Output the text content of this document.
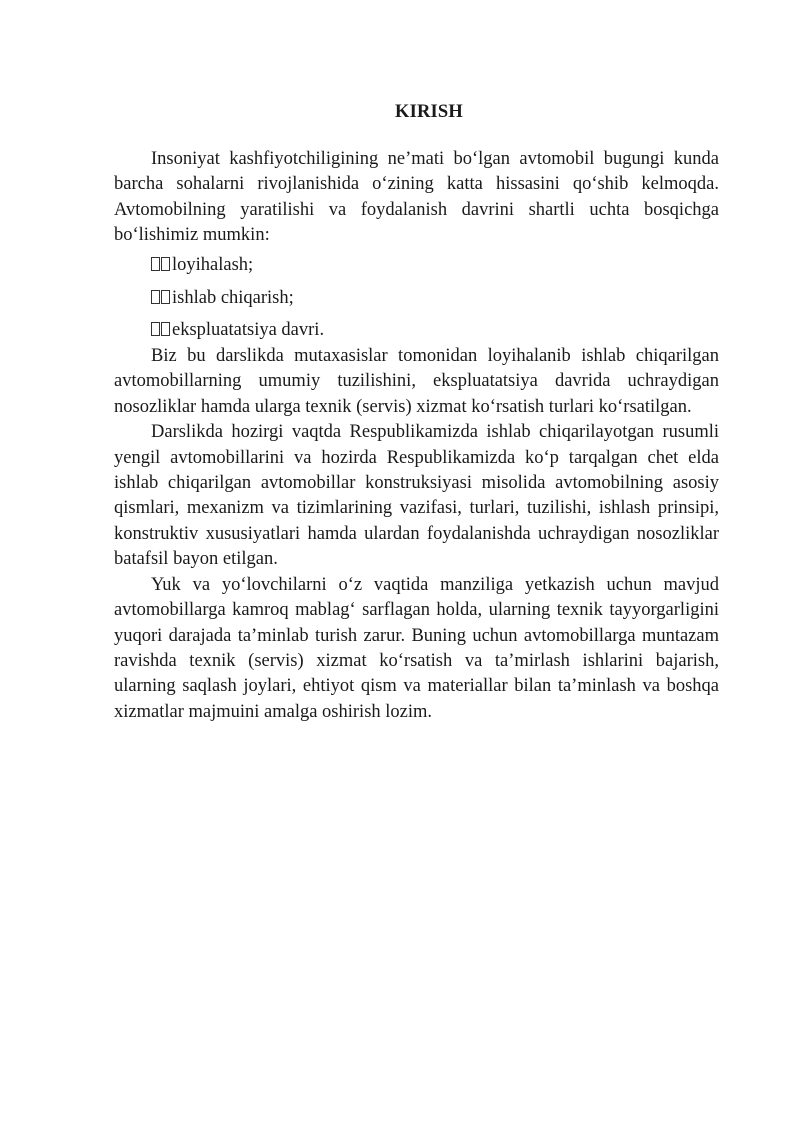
KIRISH

Insoniyat kashfiyotchiligining ne’mati bo‘lgan avtomobil bugungi kunda barcha sohalarni rivojlanishida o‘zining katta hissasini qo‘shib kelmoqda. Avtomobilning yaratilishi va foydalanish davrini shartli uchta bosqichga bo‘lishimiz mumkin:

loyihalash;
ishlab chiqarish;
ekspluatatsiya davri.

Biz bu darslikda mutaxasislar tomonidan loyihalanib ishlab chiqarilgan avtomobillarning umumiy tuzilishini, ekspluatatsiya davrida uchraydigan nosozliklar hamda ularga texnik (servis) xizmat ko‘rsatish turlari ko‘rsatilgan.

Darslikda hozirgi vaqtda Respublikamizda ishlab chiqarilayotgan rusumli yengil avtomobillarini va hozirda Respublikamizda ko‘p tarqalgan chet elda ishlab chiqarilgan avtomobillar konstruksiyasi misolida avtomobilning asosiy qismlari, mexanizm va tizimlarining vazifasi, turlari, tuzilishi, ishlash prinsipi, konstruktiv xususiyatlari hamda ulardan foydalanishda uchraydigan nosozliklar batafsil bayon etilgan.

Yuk va yo‘lovchilarni o‘z vaqtida manziliga yetkazish uchun mavjud avtomobillarga kamroq mablag‘ sarflagan holda, ularning texnik tayyorgarligini yuqori darajada ta’minlab turish zarur. Buning uchun avtomobillarga muntazam ravishda texnik (servis) xizmat ko‘rsatish va ta’mirlash ishlarini bajarish, ularning saqlash joylari, ehtiyot qism va materiallar bilan ta’minlash va boshqa xizmatlar majmuini amalga oshirish lozim.
